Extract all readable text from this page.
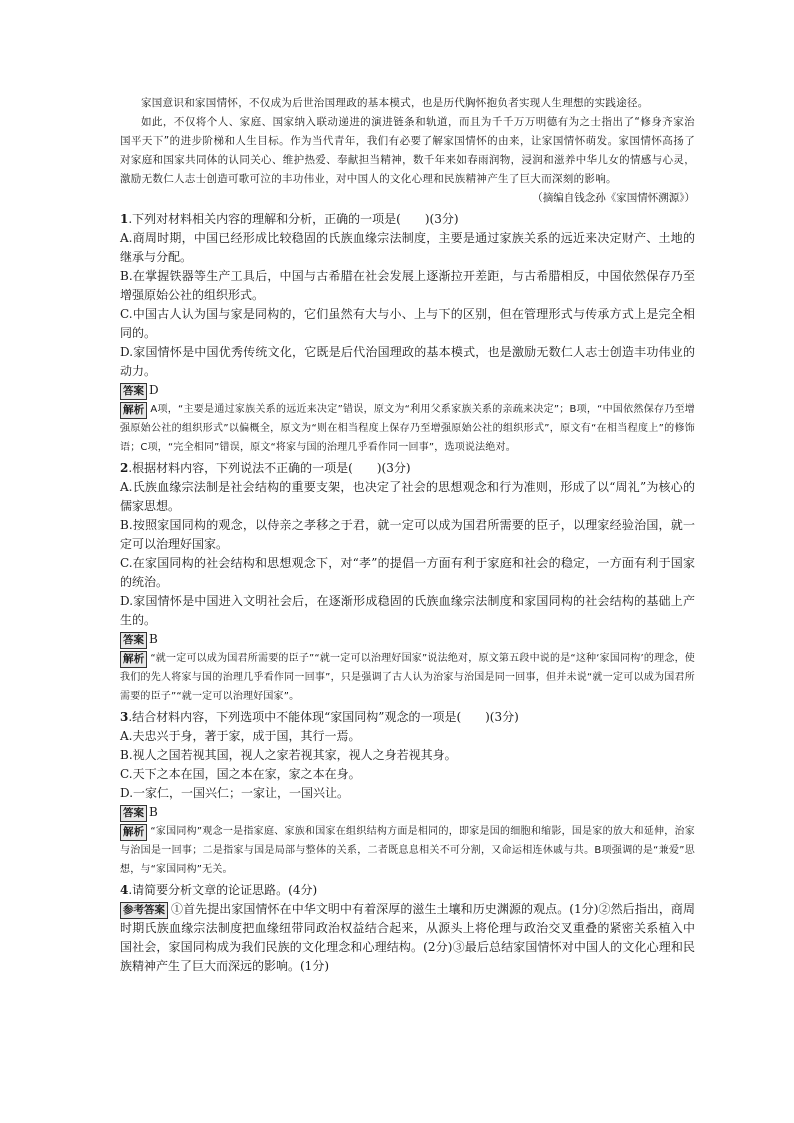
家国意识和家国情怀，不仅成为后世治国理政的基本模式，也是历代胸怀抱负者实现人生理想的实践途径。

如此，不仅将个人、家庭、国家纳入联动递进的演进链条和轨道，而且为千千万万明德有为之士指出了“修身齐家治国平天下”的进步阶梯和人生目标。作为当代青年，我们有必要了解家国情怀的由来，让家国情怀萌发。家国情怀高扬了对家庭和国家共同体的认同关心、维护热爱、奉献担当精神，数千年来如春雨润物，浸润和滋养中华儿女的情感与心灵，激励无数仁人志士创造可歌可泣的丰功伟业，对中国人的文化心理和民族精神产生了巨大而深刻的影响。

（摘编自钱念孙《家国情怀溯源》）

1.下列对材料相关内容的理解和分析，正确的一项是(　　)(3分)

A.商周时期，中国已经形成比较稳固的氏族血缘宗法制度，主要是通过家族关系的远近来决定财产、土地的继承与分配。

B.在掌握铁器等生产工具后，中国与古希腊在社会发展上逐渐拉开差距，与古希腊相反，中国依然保存乃至增强原始公社的组织形式。

C.中国古人认为国与家是同构的，它们虽然有大与小、上与下的区别，但在管理形式与传承方式上是完全相同的。

D.家国情怀是中国优秀传统文化，它既是后代治国理政的基本模式，也是激励无数仁人志士创造丰功伟业的动力。

答案 D

解析 A项，“主要是通过家族关系的远近来决定”错误，原文为“利用父系家族关系的亲疏来决定”；B项，“中国依然保存乃至增强原始公社的组织形式”以偏概全，原文为“则在相当程度上保存乃至增强原始公社的组织形式”，原文有“在相当程度上”的修饰语；C项，“完全相同”错误，原文“将家与国的治理几乎看作同一回事”，选项说法绝对。

2.根据材料内容，下列说法不正确的一项是(　　)(3分)

A.氏族血缘宗法制是社会结构的重要支架，也决定了社会的思想观念和行为准则，形成了以“周礼”为核心的儒家思想。

B.按照家国同构的观念，以侍亲之孝移之于君，就一定可以成为国君所需要的臣子，以理家经验治国，就一定可以治理好国家。

C.在家国同构的社会结构和思想观念下，对“孝”的提倡一方面有利于家庭和社会的稳定，一方面有利于国家的统治。

D.家国情怀是中国进入文明社会后，在逐渐形成稳固的氏族血缘宗法制度和家国同构的社会结构的基础上产生的。

答案 B

解析 “就一定可以成为国君所需要的臣子”“就一定可以治理好国家”说法绝对，原文第五段中说的是“这种‘家国同构’的理念，使我们的先人将家与国的治理几乎看作同一回事”，只是强调了古人认为治家与治国是同一回事，但并未说“就一定可以成为国君所需要的臣子”“就一定可以治理好国家”。

3.结合材料内容，下列选项中不能体现“家国同构”观念的一项是(　　)(3分)

A.夫忠兴于身，著于家，成于国，其行一焉。

B.视人之国若视其国，视人之家若视其家，视人之身若视其身。

C.天下之本在国，国之本在家，家之本在身。

D.一家仁，一国兴仁；一家让，一国兴让。

答案 B

解析 “家国同构”观念一是指家庭、家族和国家在组织结构方面是相同的，即家是国的细胞和缩影，国是家的放大和延伸，治家与治国是一回事；二是指家与国是局部与整体的关系，二者既息息相关不可分割，又命运相连休戚与共。B项强调的是“兼爱”思想，与“家国同构”无关。

4.请简要分析文章的论证思路。(4分)

参考答案 ①首先提出家国情怀在中华文明中有着深厚的滋生土壤和历史渊源的观点。(1分)②然后指出，商周时期氏族血缘宗法制度把血缘纽带同政治权益结合起来，从源头上将伦理与政治交叉重叠的紧密关系植入中国社会，家国同构成为我们民族的文化理念和心理结构。(2分)③最后总结家国情怀对中国人的文化心理和民族精神产生了巨大而深远的影响。(1分)
